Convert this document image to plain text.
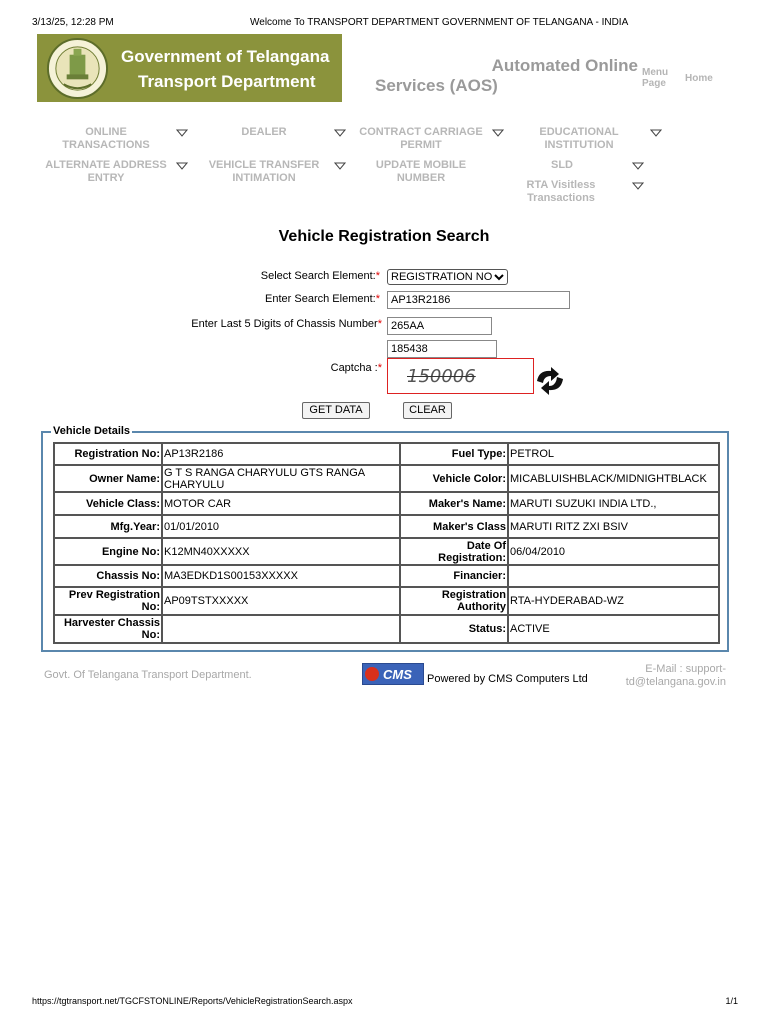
3/13/25, 12:28 PM	Welcome To TRANSPORT DEPARTMENT GOVERNMENT OF TELANGANA - INDIA
Government of Telangana
Transport Department
Automated Online
Services (AOS)
Menu
Page	Home
ONLINE
TRANSACTIONS
DEALER	CONTRACT CARRIAGE
PERMIT
EDUCATIONAL
INSTITUTION
ALTERNATE ADDRESS
ENTRY
VEHICLE TRANSFER
INTIMATION
UPDATE MOBILE
NUMBER
SLD
RTA Visitless
Transactions
Vehicle Registration Search
Select Search Element:*	REGISTRATION NO
Enter Search Element:*	AP13R2186
Enter Last 5 Digits of Chassis Number* 265AA
185438
Captcha :* 150006
GET DATA	CLEAR
Vehicle Details
Registration No:	AP13R2186	Fuel Type:	PETROL
Owner Name:	G T S RANGA CHARYULU GTS RANGA CHARYULU	Vehicle Color:	MICABLUISHBLACK/MIDNIGHTBLACK
Vehicle Class:	MOTOR CAR	Maker's Name:	MARUTI SUZUKI INDIA LTD.,
Mfg.Year:	01/01/2010	Maker's Class	MARUTI RITZ ZXI BSIV
Engine No:	K12MN40XXXXX	Date Of Registration:	06/04/2010
Chassis No:	MA3EDKD1S00153XXXXX	Financier:	
Prev Registration No:	AP09TSTXXXXX	Registration Authority	RTA-HYDERABAD-WZ
Harvester Chassis No:		Status:	ACTIVE
Govt. Of Telangana Transport Department.	CMS Powered by CMS Computers Ltd
E-Mail : support-
td@telangana.gov.in
https://tgtransport.net/TGCFSTONLINE/Reports/VehicleRegistrationSearch.aspx	1/1
